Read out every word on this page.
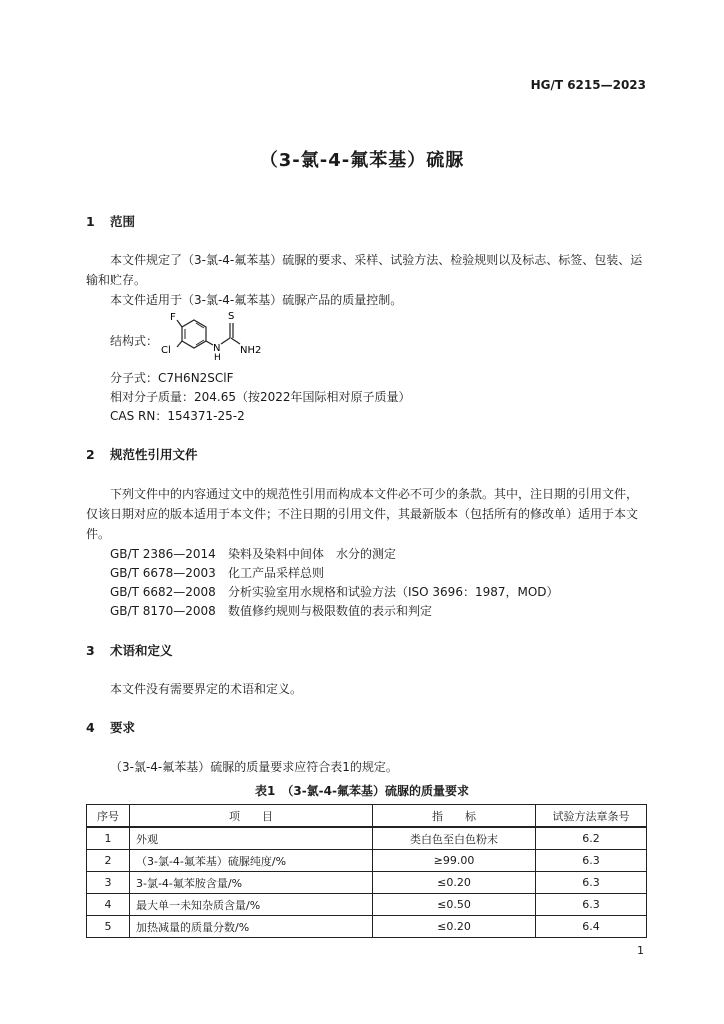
HG/T 6215—2023
（3-氯-4-氟苯基）硫脲
1 范围
本文件规定了（3-氯-4-氟苯基）硫脲的要求、采样、试验方法、检验规则以及标志、标签、包装、运输和贮存。
本文件适用于（3-氯-4-氟苯基）硫脲产品的质量控制。
结构式：
F
Cl
S
N
H
NH2
分子式：C7H6N2SClF
相对分子质量：204.65（按2022年国际相对原子质量）
CAS RN：154371-25-2
2 规范性引用文件
下列文件中的内容通过文中的规范性引用而构成本文件必不可少的条款。其中，注日期的引用文件，仅该日期对应的版本适用于本文件；不注日期的引用文件，其最新版本（包括所有的修改单）适用于本文件。
GB/T 2386—2014 染料及染料中间体　水分的测定
GB/T 6678—2003 化工产品采样总则
GB/T 6682—2008 分析实验室用水规格和试验方法（ISO 3696：1987，MOD）
GB/T 8170—2008 数值修约规则与极限数值的表示和判定
3 术语和定义
本文件没有需要界定的术语和定义。
4 要求
（3-氯-4-氟苯基）硫脲的质量要求应符合表1的规定。
表1　（3-氯-4-氟苯基）硫脲的质量要求
序号	项　　目	指　　标	试验方法章条号
1	外观	类白色至白色粉末	6.2
2	（3-氯-4-氟苯基）硫脲纯度/%	≥99.00	6.3
3	3-氯-4-氟苯胺含量/%	≤0.20	6.3
4	最大单一未知杂质含量/%	≤0.50	6.3
5	加热减量的质量分数/%	≤0.20	6.4
1
